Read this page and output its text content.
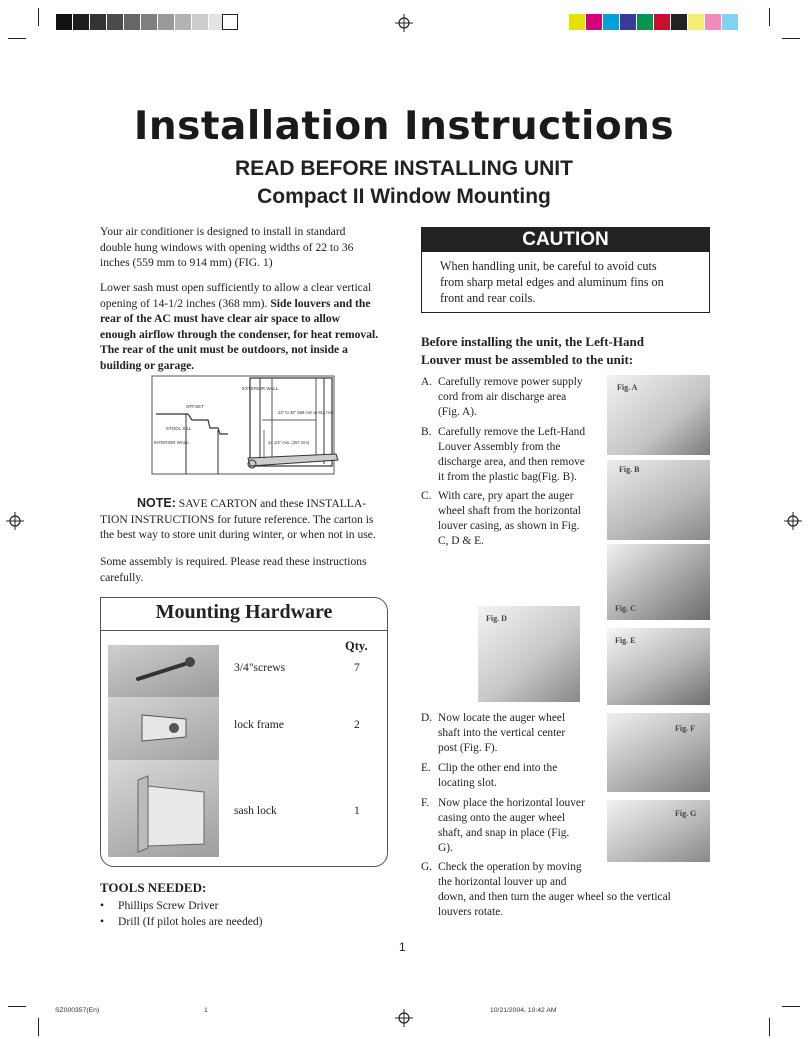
Installation Instructions
READ BEFORE INSTALLING UNIT
Compact II Window Mounting
Your air conditioner is designed to install in standard
double hung windows with opening widths of 22 to 36
inches (559 mm to 914 mm) (FIG. 1)
Lower sash must open sufficiently to allow a clear vertical
opening of 14-1/2 inches (368 mm). Side louvers and the
rear of the AC must have clear air space to allow
enough airflow through the condenser, for heat removal.
The rear of the unit must be outdoors, not inside a
building or garage.
EXTERIOR WALL
OFFSET
STOOL SILL
INTERIOR WALL
22" to 36" 559 mm to 914 mm
14 1/4" min. (357 mm)
NOTE: SAVE CARTON and these INSTALLA-
TION INSTRUCTIONS for future reference. The carton is
the best way to store unit during winter, or when not in use.
Some assembly is required. Please read these instructions
carefully.
Mounting Hardware
Qty.
3/4"screws	7
lock frame	2
sash lock	1
TOOLS NEEDED:
• Phillips Screw Driver
• Drill (If pilot holes are needed)
CAUTION
When handling unit, be careful to avoid cuts
from sharp metal edges and aluminum fins on
front and rear coils.
Before installing the unit, the Left-Hand
Louver must be assembled to the unit:
A. Carefully remove power supply
cord from air discharge area
(Fig. A).
B. Carefully remove the Left-Hand
Louver Assembly from the
discharge area, and then remove
it from the plastic bag(Fig. B).
C. With care, pry apart the auger
wheel shaft from the horizontal
louver casing, as shown in Fig.
C, D & E.
D. Now locate the auger wheel
shaft into the vertical center
post (Fig. F).
E. Clip the other end into the
locating slot.
F. Now place the horizontal louver
casing onto the auger wheel
shaft, and snap in place (Fig.
G).
G. Check the operation by moving
the horizontal louver up and
down, and then turn the auger wheel so the vertical
louvers rotate.
Fig. A
Fig. B
Fig. C
Fig. D
Fig. E
Fig. F
Fig. G
1
SZ000357(En)	1	10/21/2004, 10:42 AM
